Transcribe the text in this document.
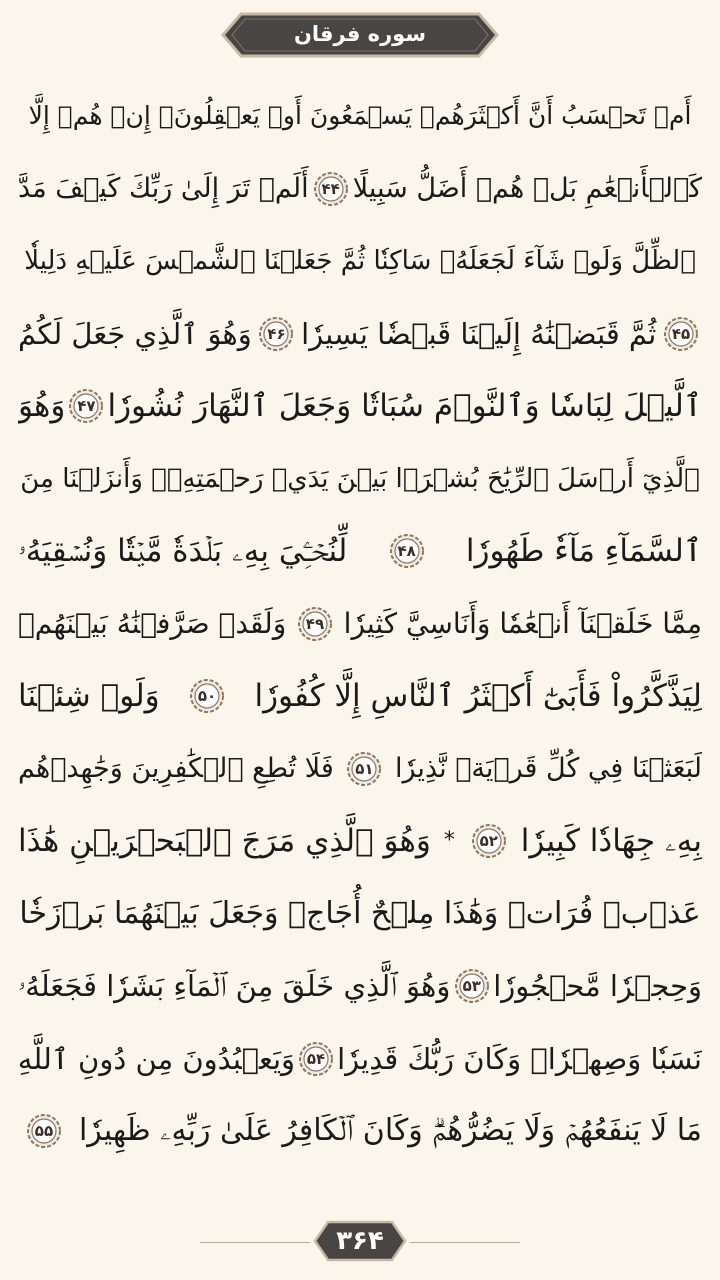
سوره فرقان
أَمۡ تَحۡسَبُ أَنَّ أَكۡثَرَهُمۡ يَسۡمَعُونَ أَوۡ يَعۡقِلُونَۚ إِنۡ هُمۡ إِلَّا
كَٱلۡأَنۡعَٰمِ بَلۡ هُمۡ أَضَلُّ سَبِيلًا
۴۴
أَلَمۡ تَرَ إِلَىٰ رَبِّكَ كَيۡفَ مَدَّ
ٱلظِّلَّ وَلَوۡ شَآءَ لَجَعَلَهُۥ سَاكِنٗا ثُمَّ جَعَلۡنَا ٱلشَّمۡسَ عَلَيۡهِ دَلِيلٗا
۴۵
ثُمَّ قَبَضۡنَٰهُ إِلَيۡنَا قَبۡضٗا يَسِيرٗا
۴۶
وَهُوَ ٱلَّذِي جَعَلَ لَكُمُ
ٱلَّيۡلَ لِبَاسٗا وَٱلنَّوۡمَ سُبَاتٗا وَجَعَلَ ٱلنَّهَارَ نُشُورٗا
۴۷
وَهُوَ
ٱلَّذِيٓ أَرۡسَلَ ٱلرِّيَٰحَ بُشۡرَۢا بَيۡنَ يَدَيۡ رَحۡمَتِهِۦۚ وَأَنزَلۡنَا مِنَ
ٱلسَّمَآءِ مَآءٗ طَهُورٗا
۴۸
لِّنُحۡـِۧيَ بِهِۦ بَلۡدَةٗ مَّيۡتٗا وَنُسۡقِيَهُۥ
مِمَّا خَلَقۡنَآ أَنۡعَٰمٗا وَأَنَاسِيَّ كَثِيرٗا
۴۹
وَلَقَدۡ صَرَّفۡنَٰهُ بَيۡنَهُمۡ
لِيَذَّكَّرُواْ فَأَبَىٰٓ أَكۡثَرُ ٱلنَّاسِ إِلَّا كُفُورٗا
۵۰
وَلَوۡ شِئۡنَا
لَبَعَثۡنَا فِي كُلِّ قَرۡيَةٖ نَّذِيرٗا
۵۱
فَلَا تُطِعِ ٱلۡكَٰفِرِينَ وَجَٰهِدۡهُم
بِهِۦ جِهَادٗا كَبِيرٗا
۵۲
*
وَهُوَ ٱلَّذِي مَرَجَ ٱلۡبَحۡرَيۡنِ هَٰذَا
عَذۡبٞ فُرَاتٞ وَهَٰذَا مِلۡحٌ أُجَاجٞ وَجَعَلَ بَيۡنَهُمَا بَرۡزَخٗا
وَحِجۡرٗا مَّحۡجُورٗا
۵۳
وَهُوَ ٱلَّذِي خَلَقَ مِنَ ٱلۡمَآءِ بَشَرٗا فَجَعَلَهُۥ
نَسَبٗا وَصِهۡرٗاۗ وَكَانَ رَبُّكَ قَدِيرٗا
۵۴
وَيَعۡبُدُونَ مِن دُونِ ٱللَّهِ
مَا لَا يَنفَعُهُمۡ وَلَا يَضُرُّهُمۡۗ وَكَانَ ٱلۡكَافِرُ عَلَىٰ رَبِّهِۦ ظَهِيرٗا
۵۵
۳۶۴
